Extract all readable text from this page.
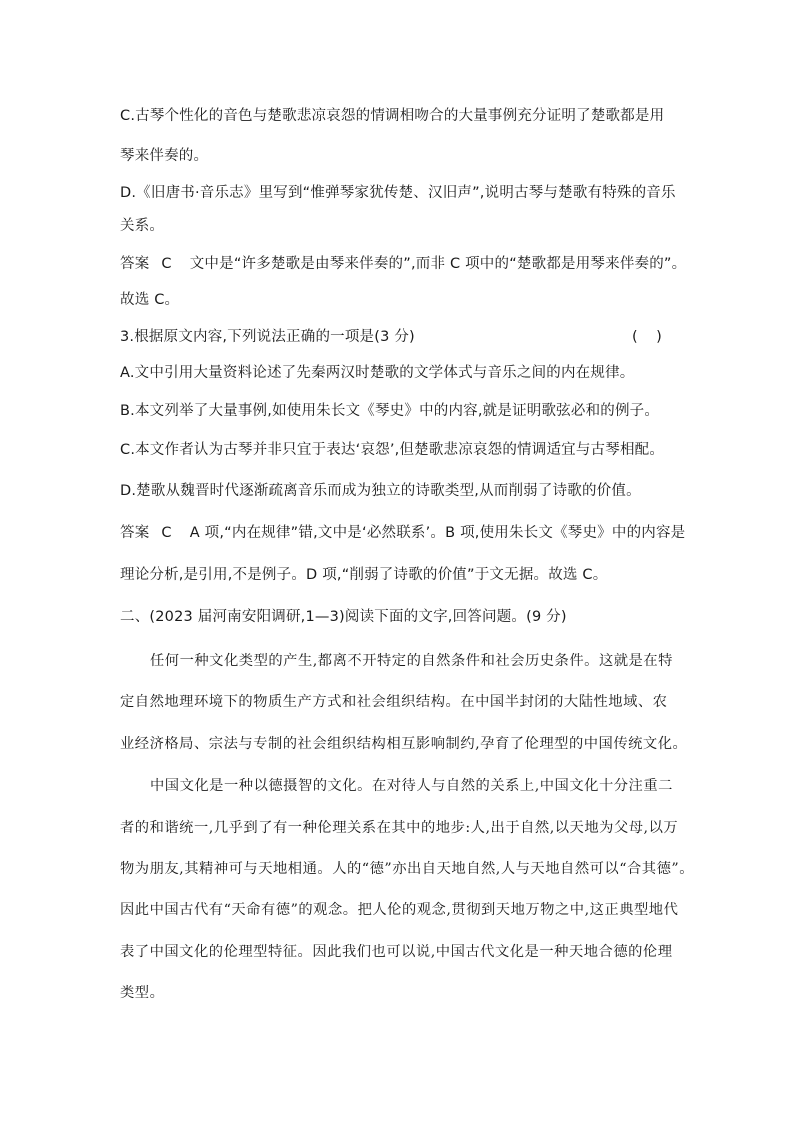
C.古琴个性化的音色与楚歌悲凉哀怨的情调相吻合的大量事例充分证明了楚歌都是用
琴来伴奏的。
D.《旧唐书·音乐志》里写到“惟弹琴家犹传楚、汉旧声”,说明古琴与楚歌有特殊的音乐
关系。
答案 C 文中是“许多楚歌是由琴来伴奏的”,而非 C 项中的“楚歌都是用琴来伴奏的”。
故选 C。
3.根据原文内容,下列说法正确的一项是(3 分)	(    )
A.文中引用大量资料论述了先秦两汉时楚歌的文学体式与音乐之间的内在规律。
B.本文列举了大量事例,如使用朱长文《琴史》中的内容,就是证明歌弦必和的例子。
C.本文作者认为古琴并非只宜于表达‘哀怨’,但楚歌悲凉哀怨的情调适宜与古琴相配。
D.楚歌从魏晋时代逐渐疏离音乐而成为独立的诗歌类型,从而削弱了诗歌的价值。
答案 C A 项,“内在规律”错,文中是‘必然联系’。B 项,使用朱长文《琴史》中的内容是
理论分析,是引用,不是例子。D 项,“削弱了诗歌的价值”于文无据。故选 C。
二、(2023 届河南安阳调研,1—3)阅读下面的文字,回答问题。(9 分)
任何一种文化类型的产生,都离不开特定的自然条件和社会历史条件。这就是在特
定自然地理环境下的物质生产方式和社会组织结构。在中国半封闭的大陆性地域、农
业经济格局、宗法与专制的社会组织结构相互影响制约,孕育了伦理型的中国传统文化。
中国文化是一种以德摄智的文化。在对待人与自然的关系上,中国文化十分注重二
者的和谐统一,几乎到了有一种伦理关系在其中的地步:人,出于自然,以天地为父母,以万
物为朋友,其精神可与天地相通。人的“德”亦出自天地自然,人与天地自然可以“合其德”。
因此中国古代有“天命有德”的观念。把人伦的观念,贯彻到天地万物之中,这正典型地代
表了中国文化的伦理型特征。因此我们也可以说,中国古代文化是一种天地合德的伦理
类型。
